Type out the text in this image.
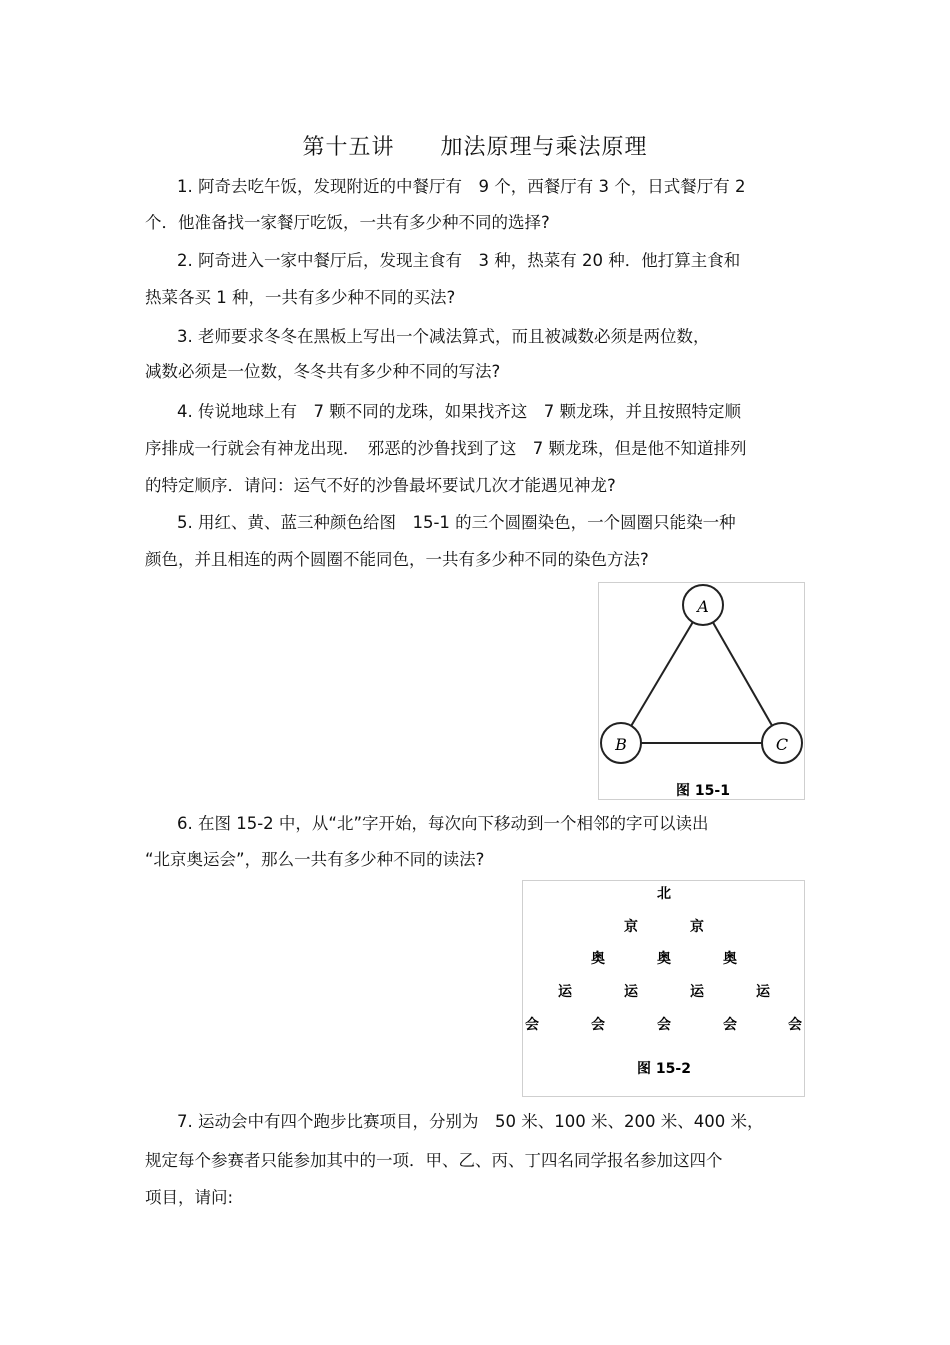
第十五讲　　加法原理与乘法原理
1. 阿奇去吃午饭，发现附近的中餐厅有　9 个，西餐厅有 3 个，日式餐厅有 2
个．他准备找一家餐厅吃饭，一共有多少种不同的选择?
2. 阿奇进入一家中餐厅后，发现主食有　3 种，热菜有 20 种．他打算主食和
热菜各买 1 种，一共有多少种不同的买法?
3. 老师要求冬冬在黑板上写出一个减法算式，而且被减数必须是两位数，
减数必须是一位数，冬冬共有多少种不同的写法?
4. 传说地球上有　7 颗不同的龙珠，如果找齐这　7 颗龙珠，并且按照特定顺
序排成一行就会有神龙出现．　邪恶的沙鲁找到了这　7 颗龙珠，但是他不知道排列
的特定顺序．请问：运气不好的沙鲁最坏要试几次才能遇见神龙?
5. 用红、黄、蓝三种颜色给图　15-1 的三个圆圈染色，一个圆圈只能染一种
颜色，并且相连的两个圆圈不能同色，一共有多少种不同的染色方法?
A
B	C
图 15-1
6. 在图 15-2 中，从“北”字开始，每次向下移动到一个相邻的字可以读出
“北京奥运会”，那么一共有多少种不同的读法?
北
京	京
奥	奥	奥
运	运	运	运
会	会	会	会	会
图 15-2
7. 运动会中有四个跑步比赛项目，分别为　50 米、100 米、200 米、400 米，
规定每个参赛者只能参加其中的一项．甲、乙、丙、丁四名同学报名参加这四个
项目，请问:
